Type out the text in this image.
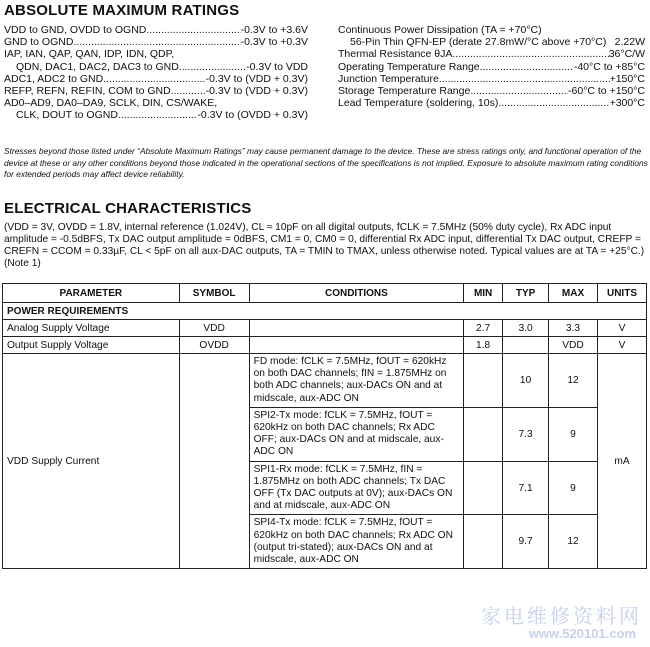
ABSOLUTE MAXIMUM RATINGS
VDD to GND, OVDD to OGND .....	-0.3V to +3.6V
GND to OGND .....	-0.3V to +0.3V
IAP, IAN, QAP, QAN, IDP, IDN, QDP,
QDN, DAC1, DAC2, DAC3 to GND .....	-0.3V to VDD
ADC1, ADC2 to GND .....	-0.3V to (VDD + 0.3V)
REFP, REFN, REFIN, COM to GND .....	-0.3V to (VDD + 0.3V)
AD0–AD9, DA0–DA9, SCLK, DIN, CS/WAKE,
CLK, DOUT to OGND .....	-0.3V to (OVDD + 0.3V)
Continuous Power Dissipation (TA = +70°C)
56-Pin Thin QFN-EP (derate 27.8mW/°C above +70°C) 2.22W
Thermal Resistance θJA .....	36°C/W
Operating Temperature Range .....	-40°C to +85°C
Junction Temperature .....	+150°C
Storage Temperature Range .....	-60°C to +150°C
Lead Temperature (soldering, 10s) .....	+300°C
Stresses beyond those listed under “Absolute Maximum Ratings” may cause permanent damage to the device. These are stress ratings only, and functional operation of the device at these or any other conditions beyond those indicated in the operational sections of the specifications is not implied. Exposure to absolute maximum rating conditions for extended periods may affect device reliability.
ELECTRICAL CHARACTERISTICS
(VDD = 3V, OVDD = 1.8V, internal reference (1.024V), CL ≈ 10pF on all digital outputs, fCLK = 7.5MHz (50% duty cycle), Rx ADC input amplitude = -0.5dBFS, Tx DAC output amplitude = 0dBFS, CM1 = 0, CM0 = 0, differential Rx ADC input, differential Tx DAC output, CREFP = CREFN = CCOM = 0.33µF, CL < 5pF on all aux-DAC outputs, TA = TMIN to TMAX, unless otherwise noted. Typical values are at TA = +25°C.) (Note 1)
PARAMETER	SYMBOL	CONDITIONS	MIN	TYP	MAX	UNITS
POWER REQUIREMENTS						
Analog Supply Voltage	VDD		2.7	3.0	3.3	V
Output Supply Voltage	OVDD		1.8		VDD	V
VDD Supply Current		FD mode: fCLK = 7.5MHz, fOUT = 620kHz on both DAC channels; fIN = 1.875MHz on both ADC channels; aux-DACs ON and at midscale, aux-ADC ON		10	12	mA
		SPI2-Tx mode: fCLK = 7.5MHz, fOUT = 620kHz on both DAC channels; Rx ADC OFF; aux-DACs ON and at midscale, aux-ADC ON		7.3	9	
		SPI1-Rx mode: fCLK = 7.5MHz, fIN = 1.875MHz on both ADC channels; Tx DAC OFF (Tx DAC outputs at 0V); aux-DACs ON and at midscale, aux-ADC ON		7.1	9	
		SPI4-Tx mode: fCLK = 7.5MHz, fOUT = 620kHz on both DAC channels; Rx ADC ON (output tri-stated); aux-DACs ON and at midscale, aux-ADC ON		9.7	12	
家电维修资料网
www.520101.com
